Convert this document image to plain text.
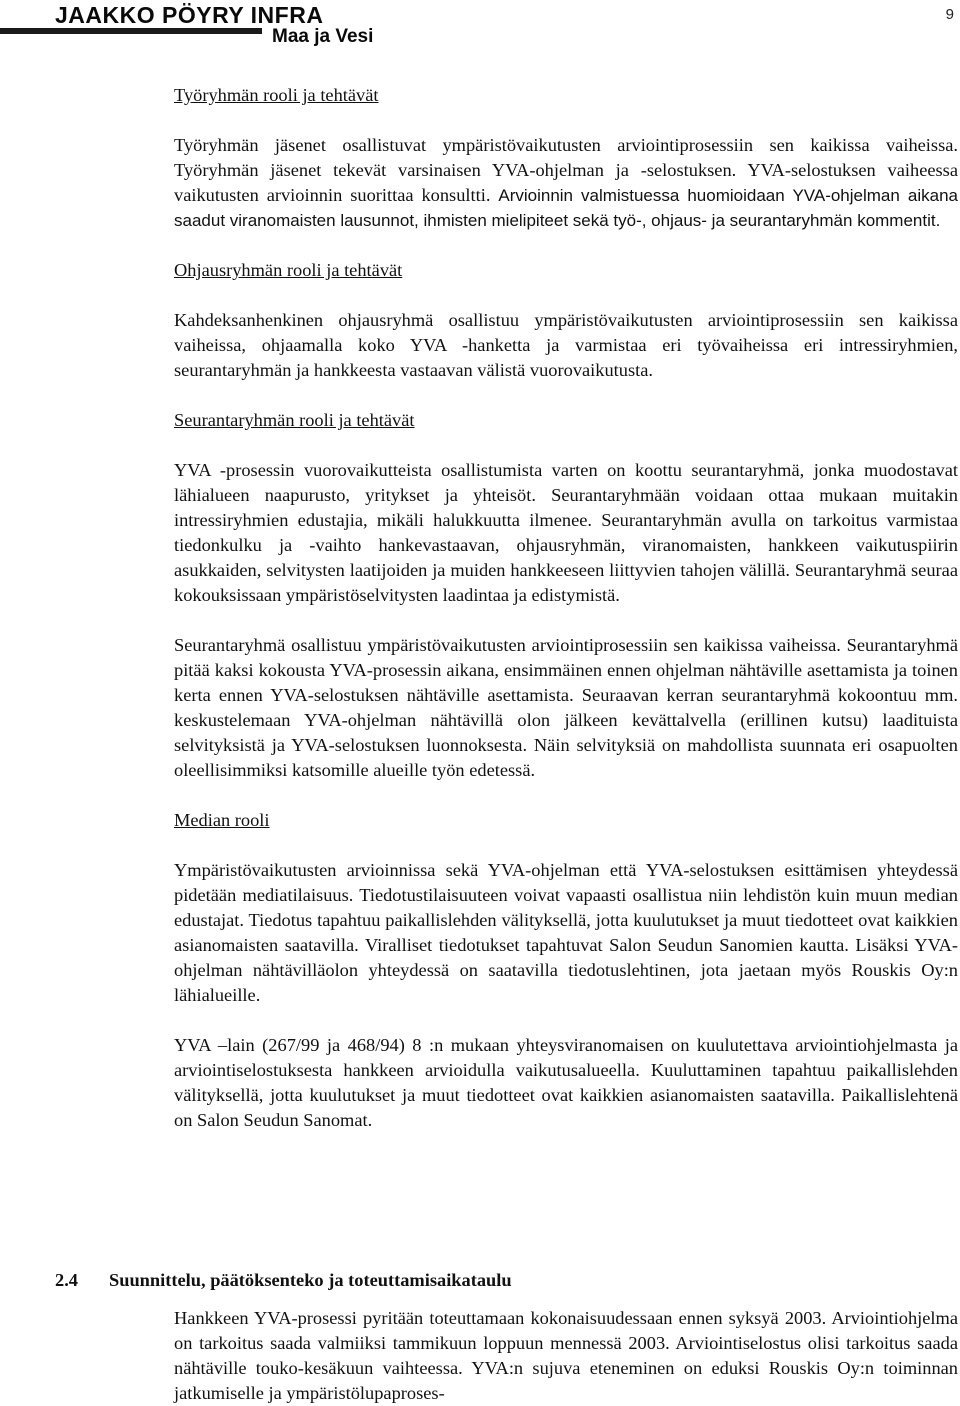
JAAKKO PÖYRY INFRA
Maa ja Vesi
9

Työryhmän rooli ja tehtävät

Työryhmän jäsenet osallistuvat ympäristövaikutusten arviointiprosessiin sen kaikissa vaiheissa. Työryhmän jäsenet tekevät varsinaisen YVA-ohjelman ja -selostuksen. YVA-selostuksen vaiheessa vaikutusten arvioinnin suorittaa konsultti. Arvioinnin valmistuessa huomioidaan YVA-ohjelman aikana saadut viranomaisten lausunnot, ihmisten mielipiteet sekä työ-, ohjaus- ja seurantaryhmän kommentit.

Ohjausryhmän rooli ja tehtävät

Kahdeksanhenkinen ohjausryhmä osallistuu ympäristövaikutusten arviointiprosessiin sen kaikissa vaiheissa, ohjaamalla koko YVA -hanketta ja varmistaa eri työvaiheissa eri intressiryhmien, seurantaryhmän ja hankkeesta vastaavan välistä vuorovaikutusta.

Seurantaryhmän rooli ja tehtävät

YVA -prosessin vuorovaikutteista osallistumista varten on koottu seurantaryhmä, jonka muodostavat lähialueen naapurusto, yritykset ja yhteisöt. Seurantaryhmään voidaan ottaa mukaan muitakin intressiryhmien edustajia, mikäli halukkuutta ilmenee. Seurantaryhmän avulla on tarkoitus varmistaa tiedonkulku ja -vaihto hankevastaavan, ohjausryhmän, viranomaisten, hankkeen vaikutuspiirin asukkaiden, selvitysten laatijoiden ja muiden hankkeeseen liittyvien tahojen välillä. Seurantaryhmä seuraa kokouksissaan ympäristöselvitysten laadintaa ja edistymistä.

Seurantaryhmä osallistuu ympäristövaikutusten arviointiprosessiin sen kaikissa vaiheissa. Seurantaryhmä pitää kaksi kokousta YVA-prosessin aikana, ensimmäinen ennen ohjelman nähtäville asettamista ja toinen kerta ennen YVA-selostuksen nähtäville asettamista. Seuraavan kerran seurantaryhmä kokoontuu mm. keskustelemaan YVA-ohjelman nähtävillä olon jälkeen kevättalvella (erillinen kutsu) laadituista selvityksistä ja YVA-selostuksen luonnoksesta. Näin selvityksiä on mahdollista suunnata eri osapuolten oleellisimmiksi katsomille alueille työn edetessä.

Median rooli

Ympäristövaikutusten arvioinnissa sekä YVA-ohjelman että YVA-selostuksen esittämisen yhteydessä pidetään mediatilaisuus. Tiedotustilaisuuteen voivat vapaasti osallistua niin lehdistön kuin muun median edustajat. Tiedotus tapahtuu paikallislehden välityksellä, jotta kuulutukset ja muut tiedotteet ovat kaikkien asianomaisten saatavilla. Viralliset tiedotukset tapahtuvat Salon Seudun Sanomien kautta. Lisäksi YVA-ohjelman nähtävilläolon yhteydessä on saatavilla tiedotuslehtinen, jota jaetaan myös Rouskis Oy:n lähialueille.

YVA –lain (267/99 ja 468/94) 8 :n mukaan yhteysviranomaisen on kuulutettava arviointiohjelmasta ja arviointiselostuksesta hankkeen arvioidulla vaikutusalueella. Kuuluttaminen tapahtuu paikallislehden välityksellä, jotta kuulutukset ja muut tiedotteet ovat kaikkien asianomaisten saatavilla. Paikallislehtenä on Salon Seudun Sanomat.

2.4 Suunnittelu, päätöksenteko ja toteuttamisaikataulu

Hankkeen YVA-prosessi pyritään toteuttamaan kokonaisuudessaan ennen syksyä 2003. Arviointiohjelma on tarkoitus saada valmiiksi tammikuun loppuun mennessä 2003. Arviointiselostus olisi tarkoitus saada nähtäville touko-kesäkuun vaihteessa. YVA:n sujuva eteneminen on eduksi Rouskis Oy:n toiminnan jatkumiselle ja ympäristölupaproses-
